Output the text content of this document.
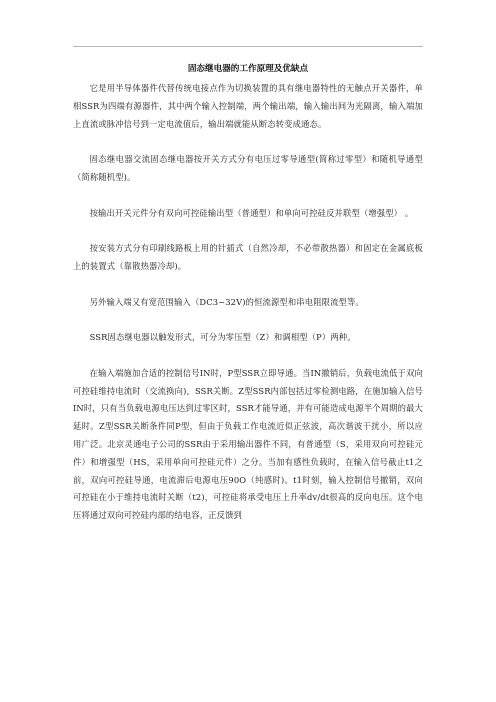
固态继电器的工作原理及优缺点

它是用半导体器件代替传统电接点作为切换装置的具有继电器特性的无触点开关器件，单相SSR为四端有源器件，其中两个输入控制端，两个输出端，输入输出间为光隔离，输入端加上直流或脉冲信号到一定电流值后，输出端就能从断态转变成通态。

固态继电器交流固态继电器按开关方式分有电压过零导通型(简称过零型）和随机导通型（简称随机型)。

按输出开关元件分有双向可控硅输出型（普通型）和单向可控硅反并联型（增强型） 。

按安装方式分有印刷线路板上用的针插式（自然冷却，不必带散热器）和固定在金属底板上的装置式（靠散热器冷却)。

另外输入端又有宽范围输入（DC3~32V)的恒流源型和串电阻限流型等。

SSR固态继电器以触发形式，可分为零压型（Z）和调相型（P）两种。

在输入端施加合适的控制信号IN时，P型SSR立即导通。当IN撤销后，负载电流低于双向可控硅维持电流时（交流换向)，SSR关断。Z型SSR内部包括过零检测电路，在施加输入信号IN时，只有当负载电源电压达到过零区时，SSR才能导通，并有可能造成电源半个周期的最大延时。Z型SSR关断条件同P型，但由于负载工作电流近似正弦波，高次谐波干扰小，所以应用广泛。北京灵通电子公司的SSR由于采用输出器件不同，有普通型（S，采用双向可控硅元件）和增强型（HS，采用单向可控硅元件）之分。当加有感性负载时，在输入信号截止t1之前，双向可控硅导通，电流滞后电源电压90O（纯感时)。t1时刻，输入控制信号撤销，双向可控硅在小于维持电流时关断（t2)，可控硅将承受电压上升率dv/dt很高的反向电压。这个电压将通过双向可控硅内部的结电容，正反馈到
